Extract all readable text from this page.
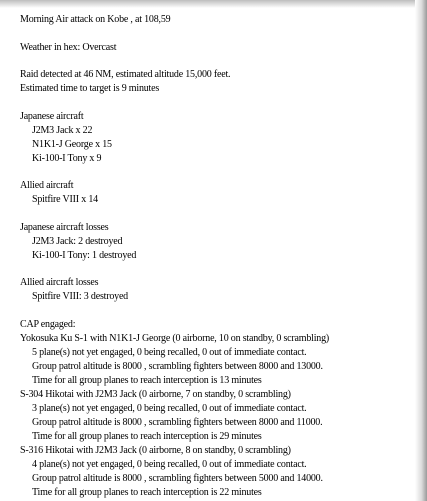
Morning Air attack on Kobe , at 108,59
Weather in hex: Overcast
Raid detected at 46 NM, estimated altitude 15,000 feet.
Estimated time to target is 9 minutes
Japanese aircraft
J2M3 Jack x 22
N1K1-J George x 15
Ki-100-I Tony x 9
Allied aircraft
Spitfire VIII x 14
Japanese aircraft losses
J2M3 Jack: 2 destroyed
Ki-100-I Tony: 1 destroyed
Allied aircraft losses
Spitfire VIII: 3 destroyed
CAP engaged:
Yokosuka Ku S-1 with N1K1-J George (0 airborne, 10 on standby, 0 scrambling)
5 plane(s) not yet engaged, 0 being recalled, 0 out of immediate contact.
Group patrol altitude is 8000 , scrambling fighters between 8000 and 13000.
Time for all group planes to reach interception is 13 minutes
S-304 Hikotai with J2M3 Jack (0 airborne, 7 on standby, 0 scrambling)
3 plane(s) not yet engaged, 0 being recalled, 0 out of immediate contact.
Group patrol altitude is 8000 , scrambling fighters between 8000 and 11000.
Time for all group planes to reach interception is 29 minutes
S-316 Hikotai with J2M3 Jack (0 airborne, 8 on standby, 0 scrambling)
4 plane(s) not yet engaged, 0 being recalled, 0 out of immediate contact.
Group patrol altitude is 8000 , scrambling fighters between 5000 and 14000.
Time for all group planes to reach interception is 22 minutes
